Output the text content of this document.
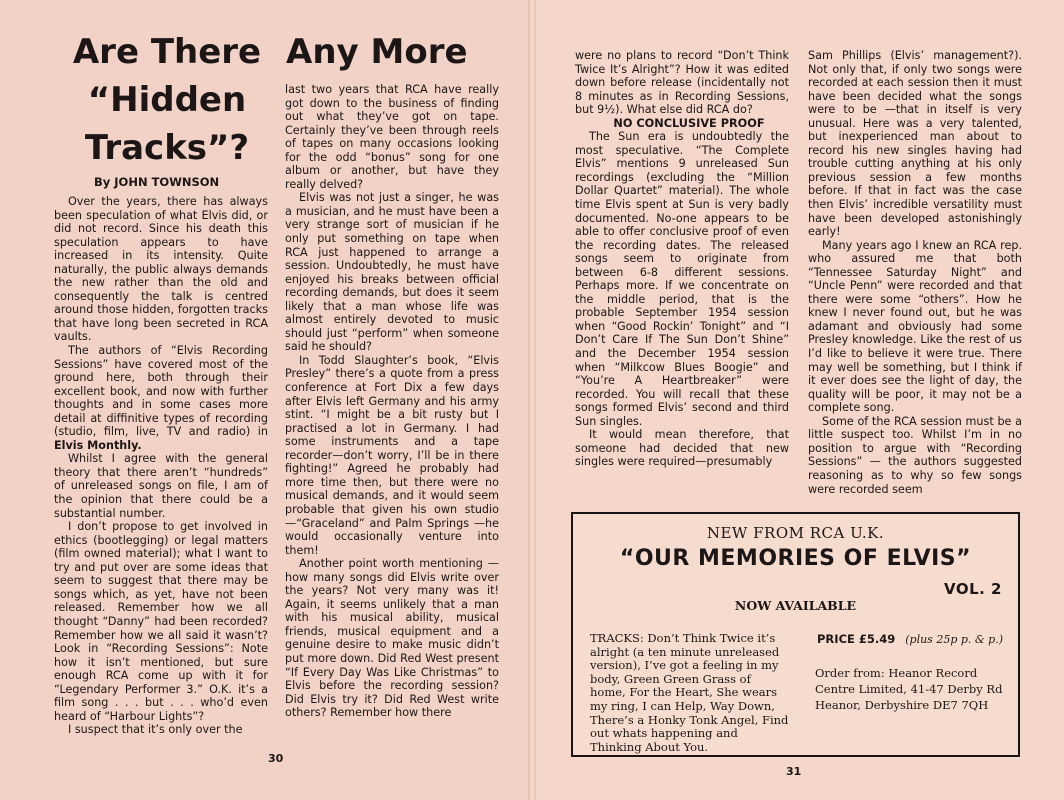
Any More
Are There
“Hidden
Tracks”?
By JOHN TOWNSON

Over the years, there has always been speculation of what Elvis did, or did not record. Since his death this speculation appears to have increased in its intensity. Quite naturally, the public always demands the new rather than the old and consequently the talk is centred around those hidden, forgotten tracks that have long been secreted in RCA vaults.

The authors of “Elvis Recording Sessions” have covered most of the ground here, both through their excellent book, and now with further thoughts and in some cases more detail at diffinitive types of recording (studio, film, live, TV and radio) in Elvis Monthly.

Whilst I agree with the general theory that there aren’t “hundreds” of unreleased songs on file, I am of the opinion that there could be a substantial number.

I don’t propose to get involved in ethics (bootlegging) or legal matters (film owned material); what I want to try and put over are some ideas that seem to suggest that there may be songs which, as yet, have not been released. Remember how we all thought “Danny” had been recorded? Remember how we all said it wasn’t? Look in “Recording Sessions”: Note how it isn’t mentioned, but sure enough RCA come up with it for “Legendary Performer 3.” O.K. it’s a film song . . . but . . . who’d even heard of “Harbour Lights”?

I suspect that it’s only over the

last two years that RCA have really got down to the business of finding out what they’ve got on tape. Certainly they’ve been through reels of tapes on many occasions looking for the odd “bonus” song for one album or another, but have they really delved?

Elvis was not just a singer, he was a musician, and he must have been a very strange sort of musician if he only put something on tape when RCA just happened to arrange a session. Undoubtedly, he must have enjoyed his breaks between official recording demands, but does it seem likely that a man whose life was almost entirely devoted to music should just “perform” when someone said he should?

In Todd Slaughter’s book, “Elvis Presley” there’s a quote from a press conference at Fort Dix a few days after Elvis left Germany and his army stint. “I might be a bit rusty but I practised a lot in Germany. I had some instruments and a tape recorder—don’t worry, I’ll be in there fighting!” Agreed he probably had more time then, but there were no musical demands, and it would seem probable that given his own studio —“Graceland” and Palm Springs —he would occasionally venture into them!

Another point worth mentioning —how many songs did Elvis write over the years? Not very many was it! Again, it seems unlikely that a man with his musical ability, musical friends, musical equipment and a genuine desire to make music didn’t put more down. Did Red West present “If Every Day Was Like Christmas” to Elvis before the recording session? Did Elvis try it? Did Red West write others? Remember how there

were no plans to record “Don’t Think Twice It’s Alright”? How it was edited down before release (incidentally not 8 minutes as in Recording Sessions, but 9½). What else did RCA do?

NO CONCLUSIVE PROOF

The Sun era is undoubtedly the most speculative. “The Complete Elvis” mentions 9 unreleased Sun recordings (excluding the “Million Dollar Quartet” material). The whole time Elvis spent at Sun is very badly documented. No-one appears to be able to offer conclusive proof of even the recording dates. The released songs seem to originate from between 6-8 different sessions. Perhaps more. If we concentrate on the middle period, that is the probable September 1954 session when “Good Rockin’ Tonight” and “I Don’t Care If The Sun Don’t Shine” and the December 1954 session when “Milkcow Blues Boogie” and “You’re A Heartbreaker” were recorded. You will recall that these songs formed Elvis’ second and third Sun singles.

It would mean therefore, that someone had decided that new singles were required—presumably

Sam Phillips (Elvis’ management?). Not only that, if only two songs were recorded at each session then it must have been decided what the songs were to be —that in itself is very unusual. Here was a very talented, but inexperienced man about to record his new singles having had trouble cutting anything at his only previous session a few months before. If that in fact was the case then Elvis’ incredible versatility must have been developed astonishingly early!

Many years ago I knew an RCA rep. who assured me that both “Tennessee Saturday Night” and “Uncle Penn” were recorded and that there were some “others”. How he knew I never found out, but he was adamant and obviously had some Presley knowledge. Like the rest of us I’d like to believe it were true. There may well be something, but I think if it ever does see the light of day, the quality will be poor, it may not be a complete song.

Some of the RCA session must be a little suspect too. Whilst I’m in no position to argue with “Recording Sessions” — the authors suggested reasoning as to why so few songs were recorded seem

NEW FROM RCA U.K.
“OUR MEMORIES OF ELVIS”
VOL. 2
NOW AVAILABLE
TRACKS: Don’t Think Twice it’s alright (a ten minute unreleased version), I’ve got a feeling in my body, Green Green Grass of home, For the Heart, She wears my ring, I can Help, Way Down, There’s a Honky Tonk Angel, Find out whats happening and Thinking About You.
PRICE £5.49 (plus 25p p. & p.)
Order from: Heanor Record Centre Limited, 41-47 Derby Rd Heanor, Derbyshire DE7 7QH
30
31
